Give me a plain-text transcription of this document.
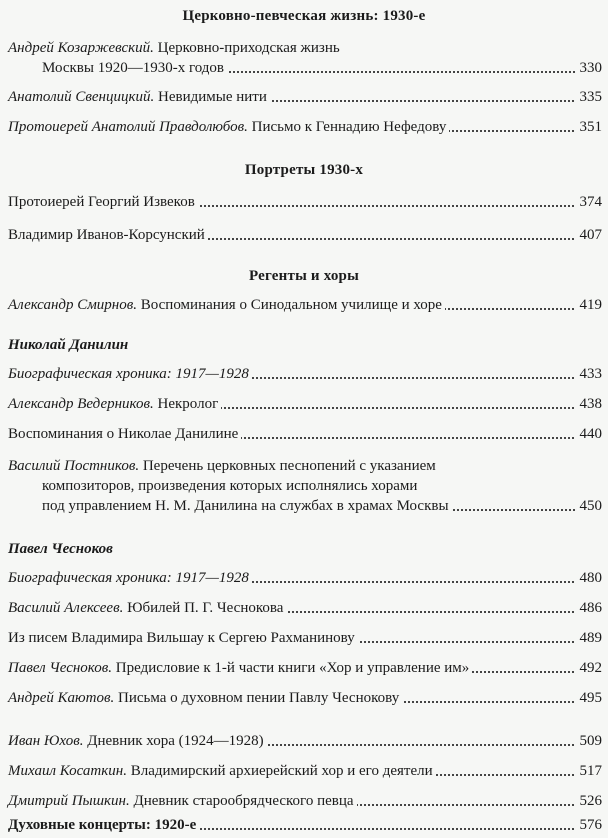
Церковно-певческая жизнь: 1930-е
Андрей Козаржевский. Церковно-приходская жизнь
Москвы 1920—1930-х годов	330
Анатолий Свенцицкий. Невидимые нити	335
Протоиерей Анатолий Правдолюбов. Письмо к Геннадию Нефедову	351
Портреты 1930-х
Протоиерей Георгий Извеков	374
Владимир Иванов-Корсунский	407
Регенты и хоры
Александр Смирнов. Воспоминания о Синодальном училище и хоре	419
Николай Данилин
Биографическая хроника: 1917—1928	433
Александр Ведерников. Некролог	438
Воспоминания о Николае Данилине	440
Василий Постников. Перечень церковных песнопений с указанием
композиторов, произведения которых исполнялись хорами
под управлением Н. М. Данилина на службах в храмах Москвы	450
Павел Чесноков
Биографическая хроника: 1917—1928	480
Василий Алексеев. Юбилей П. Г. Чеснокова	486
Из писем Владимира Вильшау к Сергею Рахманинову	489
Павел Чесноков. Предисловие к 1-й части книги «Хор и управление им»	492
Андрей Каютов. Письма о духовном пении Павлу Чеснокову	495
Иван Юхов. Дневник хора (1924—1928)	509
Михаил Косаткин. Владимирский архиерейский хор и его деятели	517
Дмитрий Пышкин. Дневник старообрядческого певца	526
Духовные концерты: 1920-е	576
